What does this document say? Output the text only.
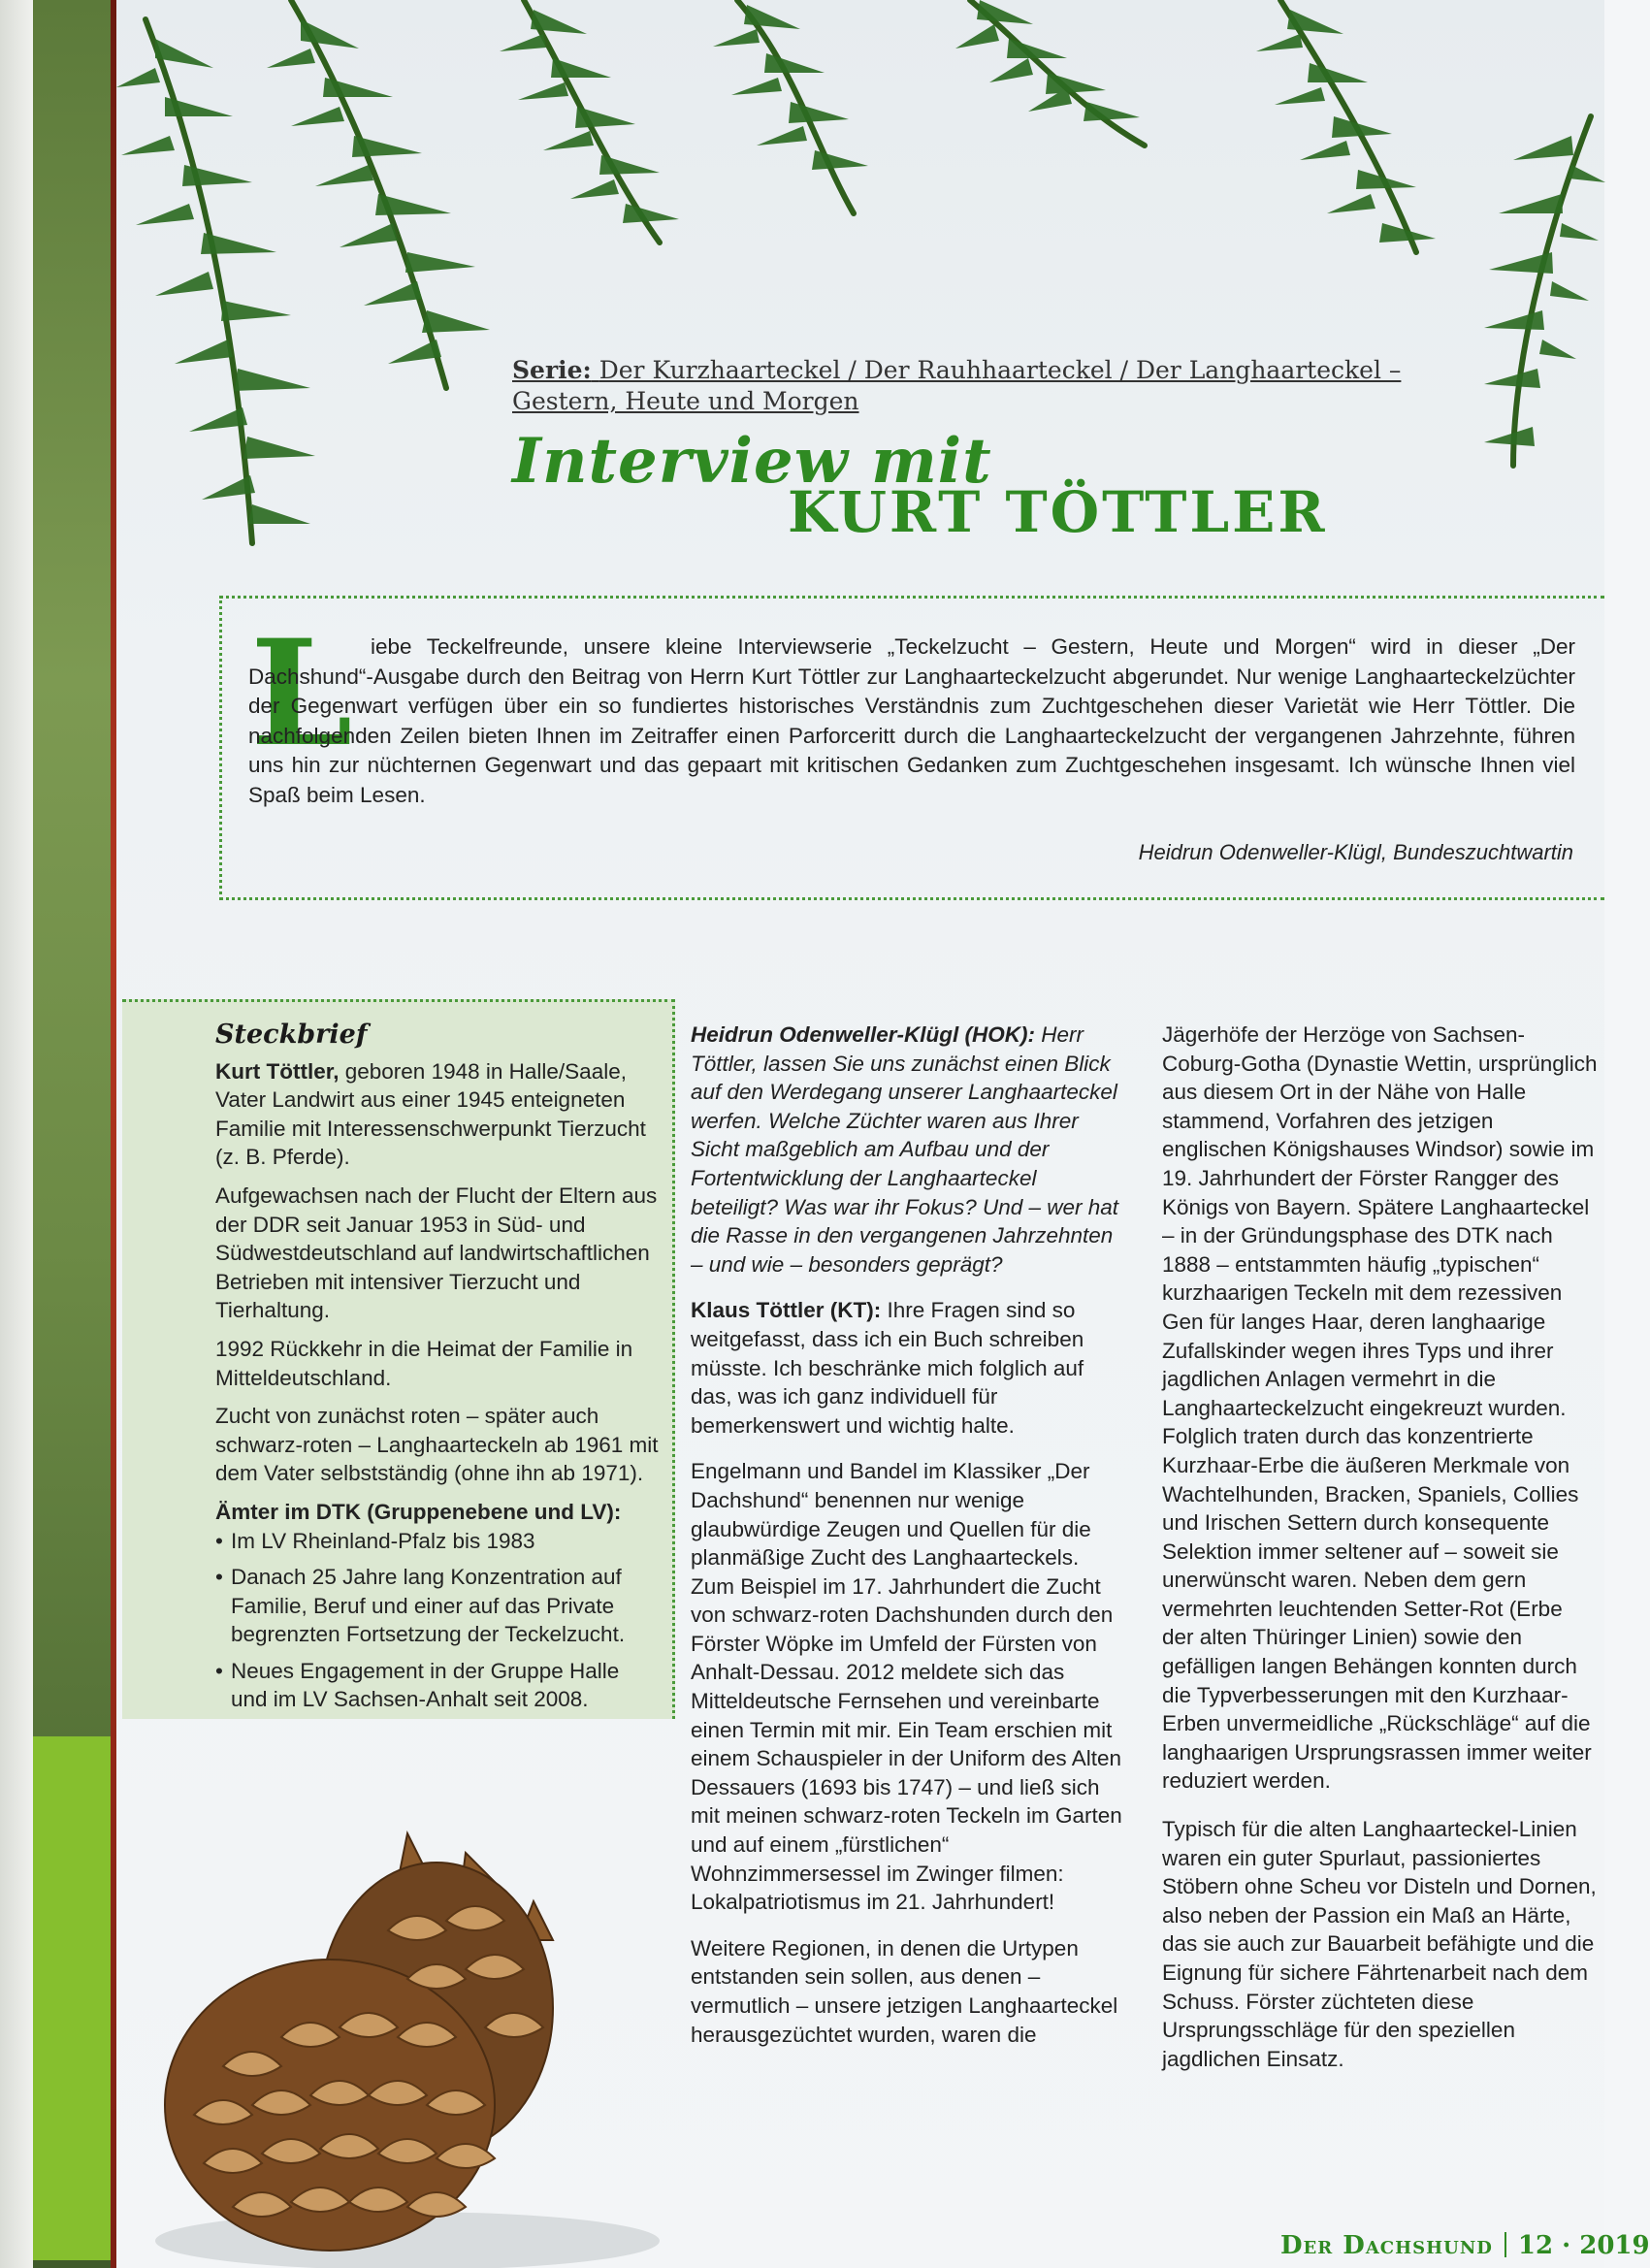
Serie: Der Kurzhaarteckel / Der Rauhhaarteckel / Der Langhaarteckel – Gestern, Heute und Morgen
Interview mit
KURT TÖTTLER
L iebe Teckelfreunde, unsere kleine Interviewserie „Teckelzucht – Gestern, Heute und Morgen“ wird in dieser „Der Dachshund“-Ausgabe durch den Beitrag von Herrn Kurt Töttler zur Langhaarteckelzucht abgerundet. Nur wenige Langhaarteckelzüchter der Gegenwart verfügen über ein so fundiertes historisches Verständnis zum Zuchtgeschehen dieser Varietät wie Herr Töttler. Die nachfolgenden Zeilen bieten Ihnen im Zeitraffer einen Parforceritt durch die Langhaarteckelzucht der vergangenen Jahrzehnte, führen uns hin zur nüchternen Gegenwart und das gepaart mit kritischen Gedanken zum Zuchtgeschehen insgesamt. Ich wünsche Ihnen viel Spaß beim Lesen.
Heidrun Odenweller-Klügl, Bundeszuchtwartin
Steckbrief

Kurt Töttler, geboren 1948 in Halle/Saale, Vater Landwirt aus einer 1945 enteigneten Familie mit Interessenschwerpunkt Tierzucht (z. B. Pferde).

Aufgewachsen nach der Flucht der Eltern aus der DDR seit Januar 1953 in Süd- und Südwestdeutschland auf landwirtschaftlichen Betrieben mit intensiver Tierzucht und Tierhaltung.

1992 Rückkehr in die Heimat der Familie in Mitteldeutschland.

Zucht von zunächst roten – später auch schwarz-roten – Langhaarteckeln ab 1961 mit dem Vater selbstständig (ohne ihn ab 1971).

Ämter im DTK (Gruppenebene und LV):
• Im LV Rheinland-Pfalz bis 1983
• Danach 25 Jahre lang Konzentration auf Familie, Beruf und einer auf das Private begrenzten Fortsetzung der Teckelzucht.
• Neues Engagement in der Gruppe Halle und im LV Sachsen-Anhalt seit 2008.

Heidrun Odenweller-Klügl (HOK): Herr Töttler, lassen Sie uns zunächst einen Blick auf den Werdegang unserer Langhaarteckel werfen. Welche Züchter waren aus Ihrer Sicht maßgeblich am Aufbau und der Fortentwicklung der Langhaarteckel beteiligt? Was war ihr Fokus? Und – wer hat die Rasse in den vergangenen Jahrzehnten – und wie – besonders geprägt?

Klaus Töttler (KT): Ihre Fragen sind so weitgefasst, dass ich ein Buch schreiben müsste. Ich beschränke mich folglich auf das, was ich ganz individuell für bemerkenswert und wichtig halte.

Engelmann und Bandel im Klassiker „Der Dachshund“ benennen nur wenige glaubwürdige Zeugen und Quellen für die planmäßige Zucht des Langhaarteckels. Zum Beispiel im 17. Jahrhundert die Zucht von schwarz-roten Dachshunden durch den Förster Wöpke im Umfeld der Fürsten von Anhalt-Dessau. 2012 meldete sich das Mitteldeutsche Fernsehen und vereinbarte einen Termin mit mir. Ein Team erschien mit einem Schauspieler in der Uniform des Alten Dessauers (1693 bis 1747) – und ließ sich mit meinen schwarz-roten Teckeln im Garten und auf einem „fürstlichen“ Wohnzimmersessel im Zwinger filmen: Lokalpatriotismus im 21. Jahrhundert!

Weitere Regionen, in denen die Urtypen entstanden sein sollen, aus denen – vermutlich – unsere jetzigen Langhaarteckel herausgezüchtet wurden, waren die

Jägerhöfe der Herzöge von Sachsen-Coburg-Gotha (Dynastie Wettin, ursprünglich aus diesem Ort in der Nähe von Halle stammend, Vorfahren des jetzigen englischen Königshauses Windsor) sowie im 19. Jahrhundert der Förster Rangger des Königs von Bayern. Spätere Langhaarteckel – in der Gründungsphase des DTK nach 1888 – entstammten häufig „typischen“ kurzhaarigen Teckeln mit dem rezessiven Gen für langes Haar, deren langhaarige Zufallskinder wegen ihres Typs und ihrer jagdlichen Anlagen vermehrt in die Langhaarteckelzucht eingekreuzt wurden. Folglich traten durch das konzentrierte Kurzhaar-Erbe die äußeren Merkmale von Wachtelhunden, Bracken, Spaniels, Collies und Irischen Settern durch konsequente Selektion immer seltener auf – soweit sie unerwünscht waren. Neben dem gern vermehrten leuchtenden Setter-Rot (Erbe der alten Thüringer Linien) sowie den gefälligen langen Behängen konnten durch die Typverbesserungen mit den Kurzhaar-Erben unvermeidliche „Rückschläge“ auf die langhaarigen Ursprungsrassen immer weiter reduziert werden.

Typisch für die alten Langhaarteckel-Linien waren ein guter Spurlaut, passioniertes Stöbern ohne Scheu vor Disteln und Dornen, also neben der Passion ein Maß an Härte, das sie auch zur Bauarbeit befähigte und die Eignung für sichere Fährtenarbeit nach dem Schuss. Förster züchteten diese Ursprungsschläge für den speziellen jagdlichen Einsatz.

Der Dachshund 12 · 2019
